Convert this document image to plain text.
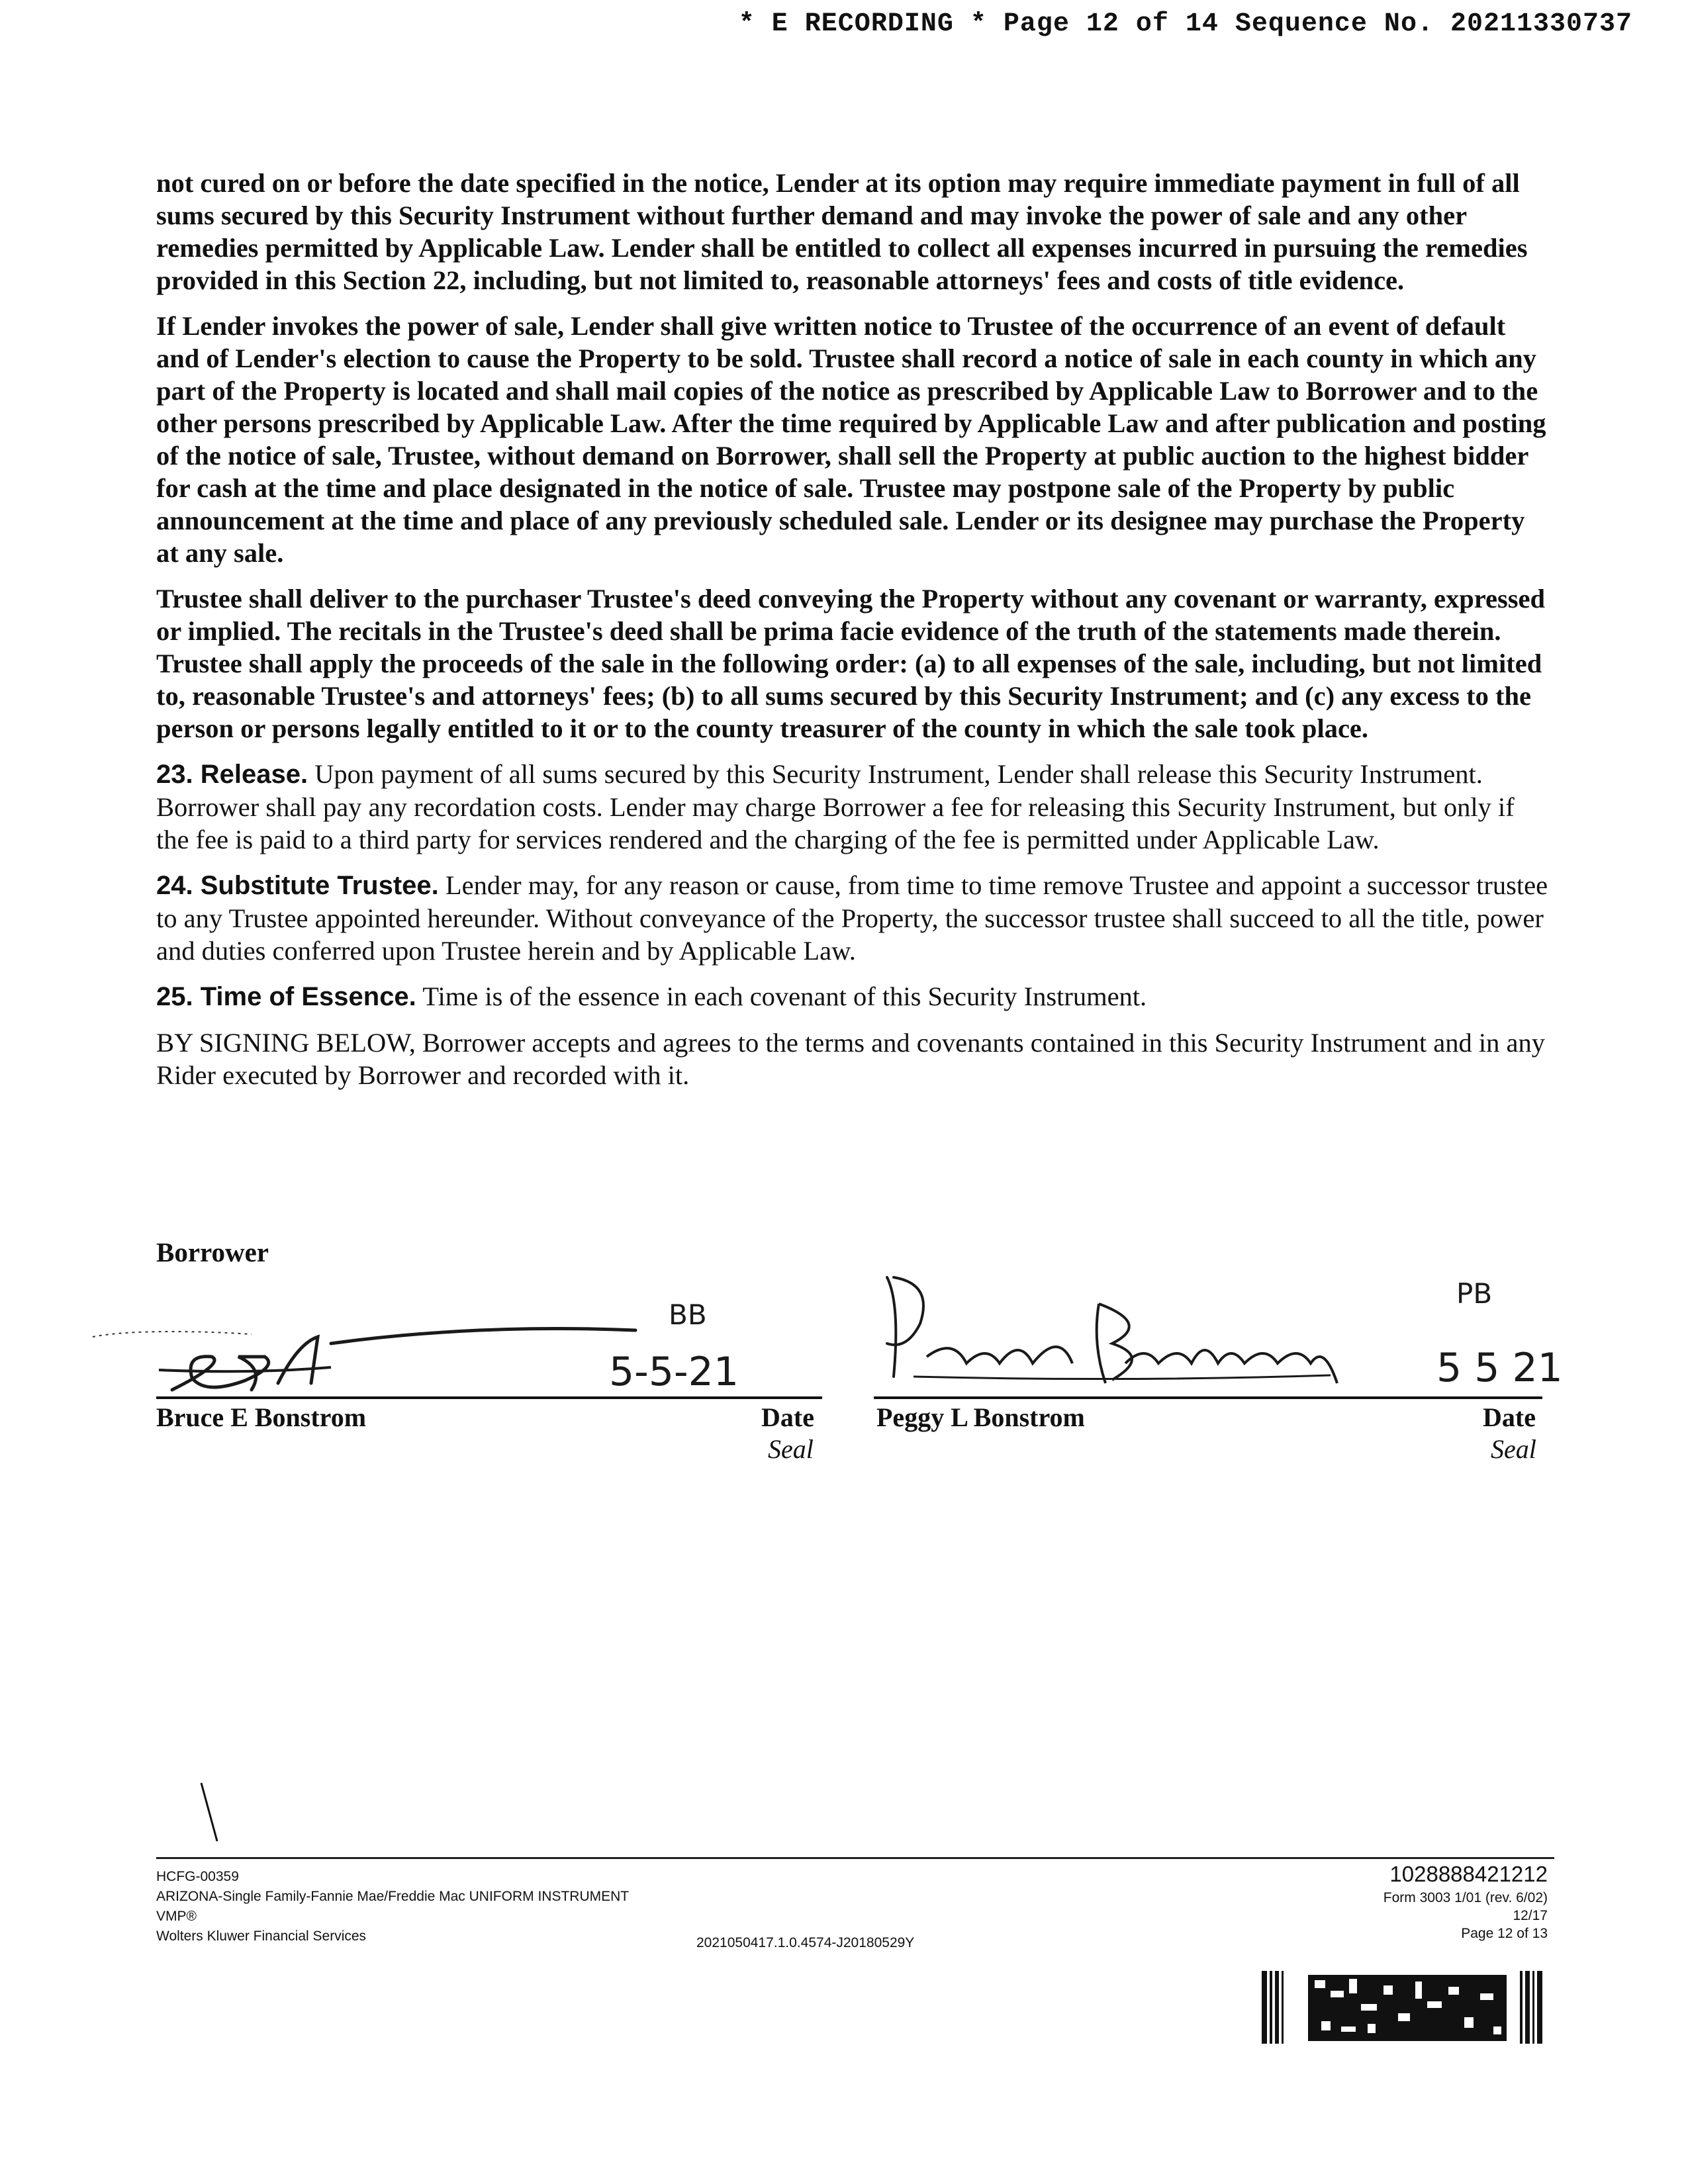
* E RECORDING * Page 12 of 14 Sequence No. 20211330737

not cured on or before the date specified in the notice, Lender at its option may require immediate payment in full of all sums secured by this Security Instrument without further demand and may invoke the power of sale and any other remedies permitted by Applicable Law. Lender shall be entitled to collect all expenses incurred in pursuing the remedies provided in this Section 22, including, but not limited to, reasonable attorneys' fees and costs of title evidence.

If Lender invokes the power of sale, Lender shall give written notice to Trustee of the occurrence of an event of default and of Lender's election to cause the Property to be sold. Trustee shall record a notice of sale in each county in which any part of the Property is located and shall mail copies of the notice as prescribed by Applicable Law to Borrower and to the other persons prescribed by Applicable Law. After the time required by Applicable Law and after publication and posting of the notice of sale, Trustee, without demand on Borrower, shall sell the Property at public auction to the highest bidder for cash at the time and place designated in the notice of sale. Trustee may postpone sale of the Property by public announcement at the time and place of any previously scheduled sale. Lender or its designee may purchase the Property at any sale.

Trustee shall deliver to the purchaser Trustee's deed conveying the Property without any covenant or warranty, expressed or implied. The recitals in the Trustee's deed shall be prima facie evidence of the truth of the statements made therein. Trustee shall apply the proceeds of the sale in the following order: (a) to all expenses of the sale, including, but not limited to, reasonable Trustee's and attorneys' fees; (b) to all sums secured by this Security Instrument; and (c) any excess to the person or persons legally entitled to it or to the county treasurer of the county in which the sale took place.

23. Release. Upon payment of all sums secured by this Security Instrument, Lender shall release this Security Instrument. Borrower shall pay any recordation costs. Lender may charge Borrower a fee for releasing this Security Instrument, but only if the fee is paid to a third party for services rendered and the charging of the fee is permitted under Applicable Law.

24. Substitute Trustee. Lender may, for any reason or cause, from time to time remove Trustee and appoint a successor trustee to any Trustee appointed hereunder. Without conveyance of the Property, the successor trustee shall succeed to all the title, power and duties conferred upon Trustee herein and by Applicable Law.

25. Time of Essence. Time is of the essence in each covenant of this Security Instrument.

BY SIGNING BELOW, Borrower accepts and agrees to the terms and covenants contained in this Security Instrument and in any Rider executed by Borrower and recorded with it.

Borrower
BB
5-5-21
Bruce E Bonstrom	Date
Seal
PB
5 5 21
Peggy L Bonstrom	Date
Seal
HCFG-00359
ARIZONA-Single Family-Fannie Mae/Freddie Mac UNIFORM INSTRUMENT
VMP®
Wolters Kluwer Financial Services	2021050417.1.0.4574-J20180529Y
1028888421212
Form 3003 1/01 (rev. 6/02)
12/17
Page 12 of 13
